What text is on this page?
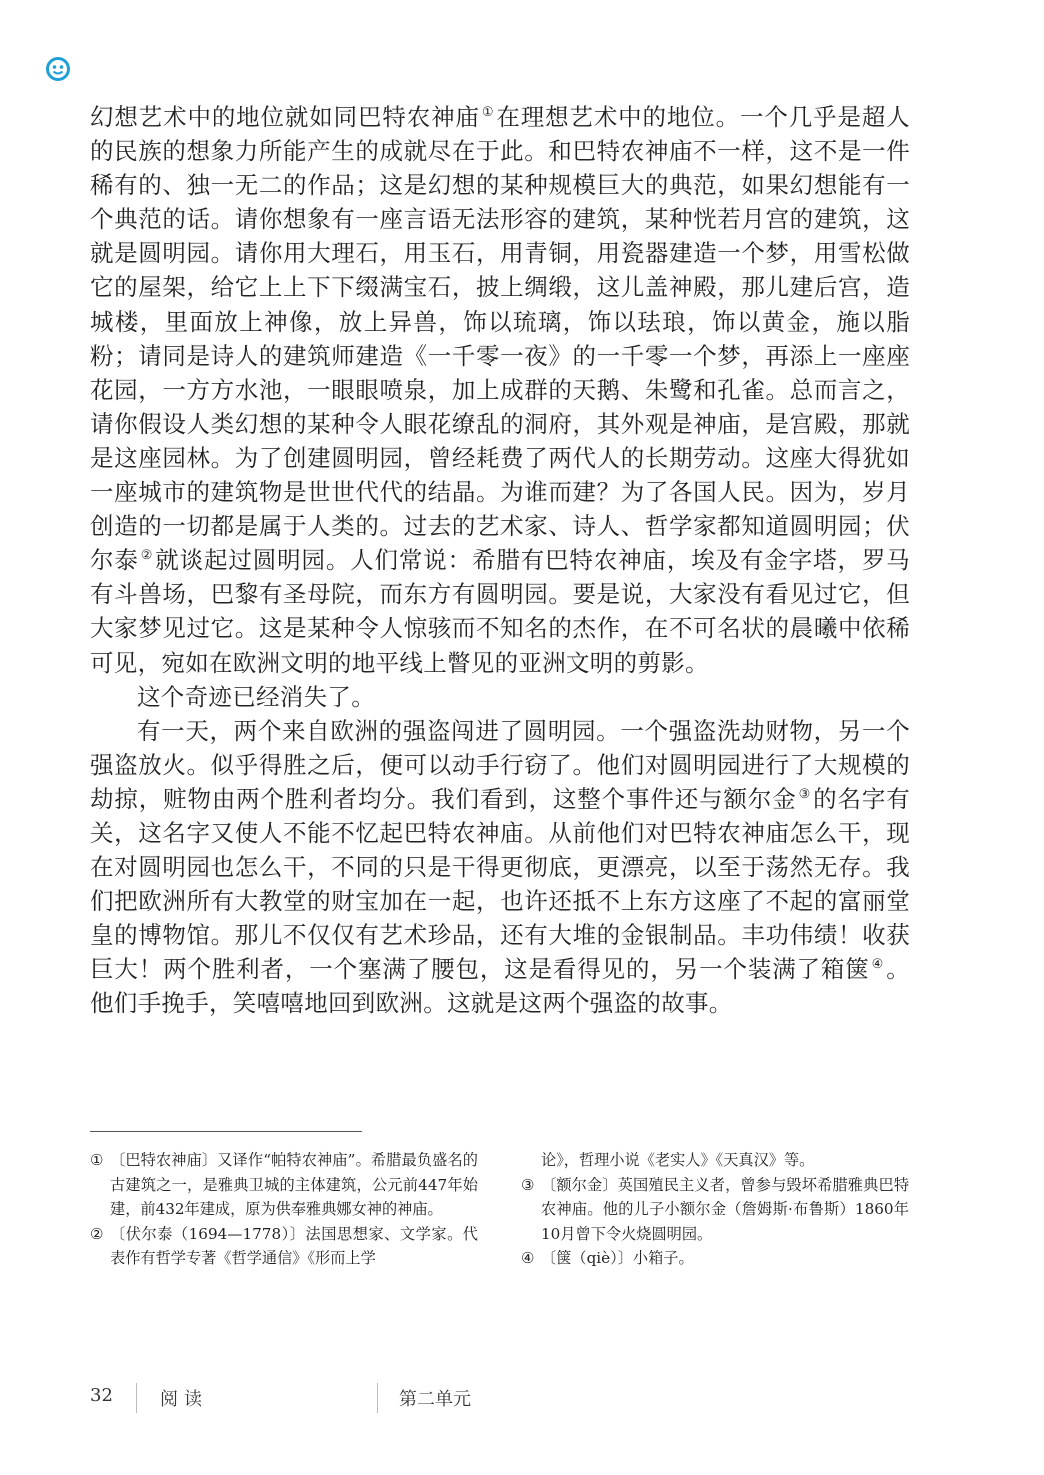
幻想艺术中的地位就如同巴特农神庙 ①在理想艺术中的地位。一个几乎是超人的民族的想象力所能产生的成就尽在于此。和巴特农神庙不一样，这不是一件稀有的、独一无二的作品；这是幻想的某种规模巨大的典范，如果幻想能有一个典范的话。请你想象有一座言语无法形容的建筑，某种恍若月宫的建筑，这就是圆明园。请你用大理石，用玉石，用青铜，用瓷器建造一个梦，用雪松做它的屋架，给它上上下下缀满宝石，披上绸缎，这儿盖神殿，那儿建后宫，造城楼，里面放上神像，放上异兽，饰以琉璃，饰以珐琅，饰以黄金，施以脂粉；请同是诗人的建筑师建造《一千零一夜》的一千零一个梦，再添上一座座花园，一方方水池，一眼眼喷泉，加上成群的天鹅、朱鹭和孔雀。总而言之，请你假设人类幻想的某种令人眼花缭乱的洞府，其外观是神庙，是宫殿，那就是这座园林。为了创建圆明园，曾经耗费了两代人的长期劳动。这座大得犹如一座城市的建筑物是世世代代的结晶。为谁而建？为了各国人民。因为，岁月创造的一切都是属于人类的。过去的艺术家、诗人、哲学家都知道圆明园；伏尔泰 ②就谈起过圆明园。人们常说：希腊有巴特农神庙，埃及有金字塔，罗马有斗兽场，巴黎有圣母院，而东方有圆明园。要是说，大家没有看见过它，但大家梦见过它。这是某种令人惊骇而不知名的杰作，在不可名状的晨曦中依稀可见，宛如在欧洲文明的地平线上瞥见的亚洲文明的剪影。

这个奇迹已经消失了。

有一天，两个来自欧洲的强盗闯进了圆明园。一个强盗洗劫财物，另一个强盗放火。似乎得胜之后，便可以动手行窃了。他们对圆明园进行了大规模的劫掠，赃物由两个胜利者均分。我们看到，这整个事件还与额尔金 ③的名字有关，这名字又使人不能不忆起巴特农神庙。从前他们对巴特农神庙怎么干，现在对圆明园也怎么干，不同的只是干得更彻底，更漂亮，以至于荡然无存。我们把欧洲所有大教堂的财宝加在一起，也许还抵不上东方这座了不起的富丽堂皇的博物馆。那儿不仅仅有艺术珍品，还有大堆的金银制品。丰功伟绩！收获巨大！两个胜利者，一个塞满了腰包，这是看得见的，另一个装满了箱箧 ④。他们手挽手，笑嘻嘻地回到欧洲。这就是这两个强盗的故事。

① 〔巴特农神庙〕又译作“帕特农神庙”。希腊最负盛名的古建筑之一，是雅典卫城的主体建筑，公元前447年始建，前432年建成，原为供奉雅典娜女神的神庙。
② 〔伏尔泰（1694—1778）〕法国思想家、文学家。代表作有哲学专著《哲学通信》《形而上学
论》，哲理小说《老实人》《天真汉》等。
③ 〔额尔金〕英国殖民主义者，曾参与毁坏希腊雅典巴特农神庙。他的儿子小额尔金（詹姆斯·布鲁斯）1860年10月曾下令火烧圆明园。
④ 〔箧（qiè）〕小箱子。
32	阅读	第二单元
